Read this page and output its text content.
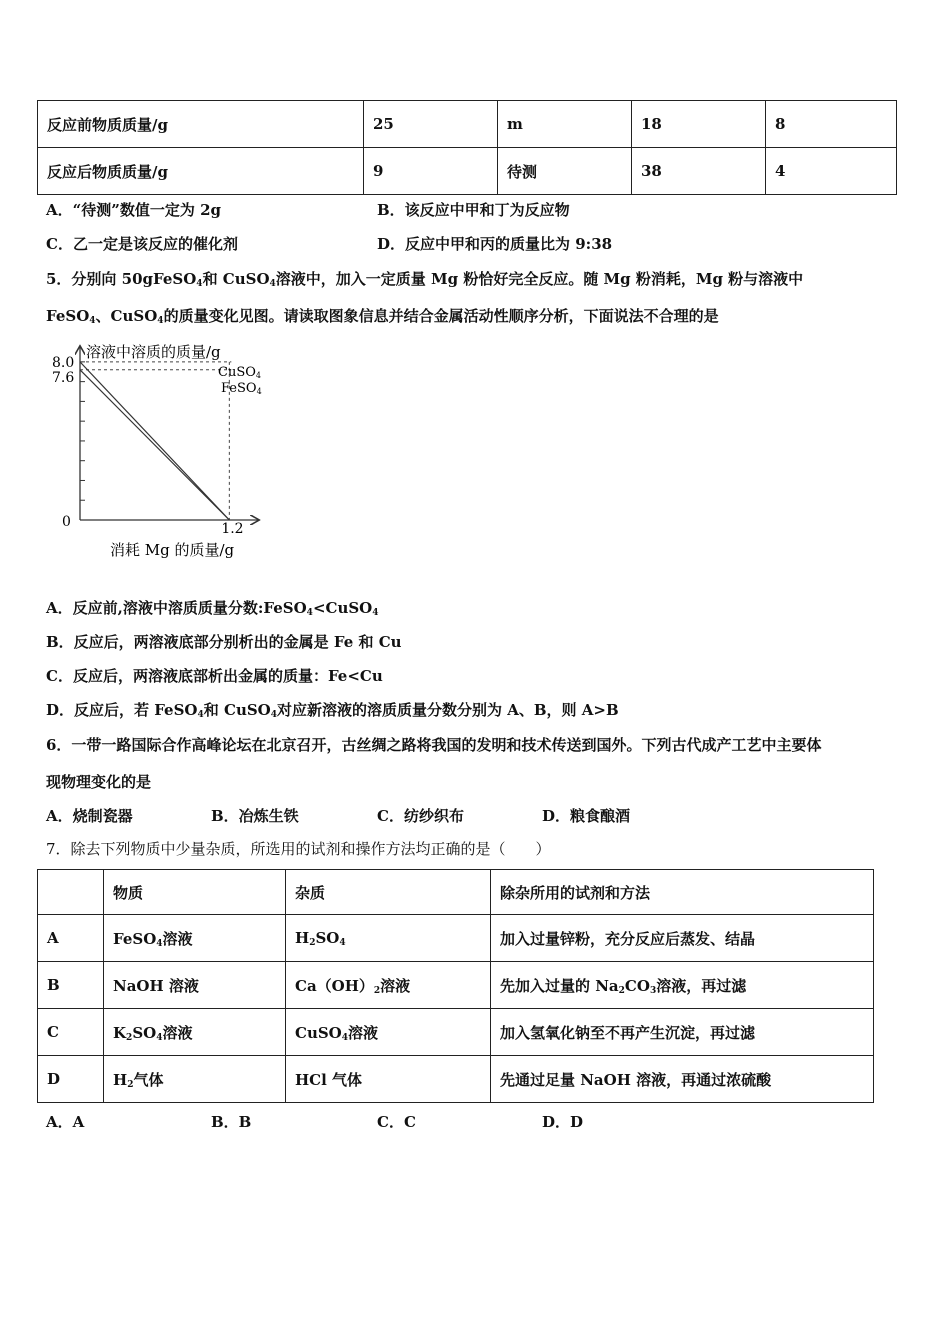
反应前物质质量/g	25	m	18	8
反应后物质质量/g	9	待测	38	4
A．“待测”数值一定为 2g	B．该反应中甲和丁为反应物
C．乙一定是该反应的催化剂	D．反应中甲和丙的质量比为 9:38
5．分别向 50gFeSO$_4$和 CuSO$_4$溶液中，加入一定质量 Mg 粉恰好完全反应。随 Mg 粉消耗，Mg 粉与溶液中
FeSO$_4$、CuSO$_4$的质量变化见图。请读取图象信息并结合金属活动性顺序分析，下面说法不合理的是
溶液中溶质的质量/g
8.0
7.6
0	1.2
CuSO4
FeSO4
消耗 Mg 的质量/g
A．反应前,溶液中溶质质量分数:FeSO$_4$<CuSO$_4$
B．反应后，两溶液底部分别析出的金属是 Fe 和 Cu
C．反应后，两溶液底部析出金属的质量：Fe<Cu
D．反应后，若 FeSO$_4$和 CuSO$_4$对应新溶液的溶质质量分数分别为 A、B，则 A>B
6．一带一路国际合作高峰论坛在北京召开，古丝绸之路将我国的发明和技术传送到国外。下列古代成产工艺中主要体
现物理变化的是
A．烧制瓷器	B．冶炼生铁	C．纺纱织布	D．粮食酿酒
7．除去下列物质中少量杂质，所选用的试剂和操作方法均正确的是（　　）
	物质	杂质	除杂所用的试剂和方法
A	FeSO$_4$溶液	$H_2SO_4$	加入过量锌粉，充分反应后蒸发、结晶
B	NaOH 溶液	$Ca(OH)_2$溶液	先加入过量的 $Na_2CO_3$溶液，再过滤
C	$K_2SO_4$溶液	CuSO$_4$溶液	加入氢氧化钠至不再产生沉淀，再过滤
D	$H_2$气体	HCl 气体	先通过足量 NaOH 溶液，再通过浓硫酸
A．A	B．B	C．C	D．D
